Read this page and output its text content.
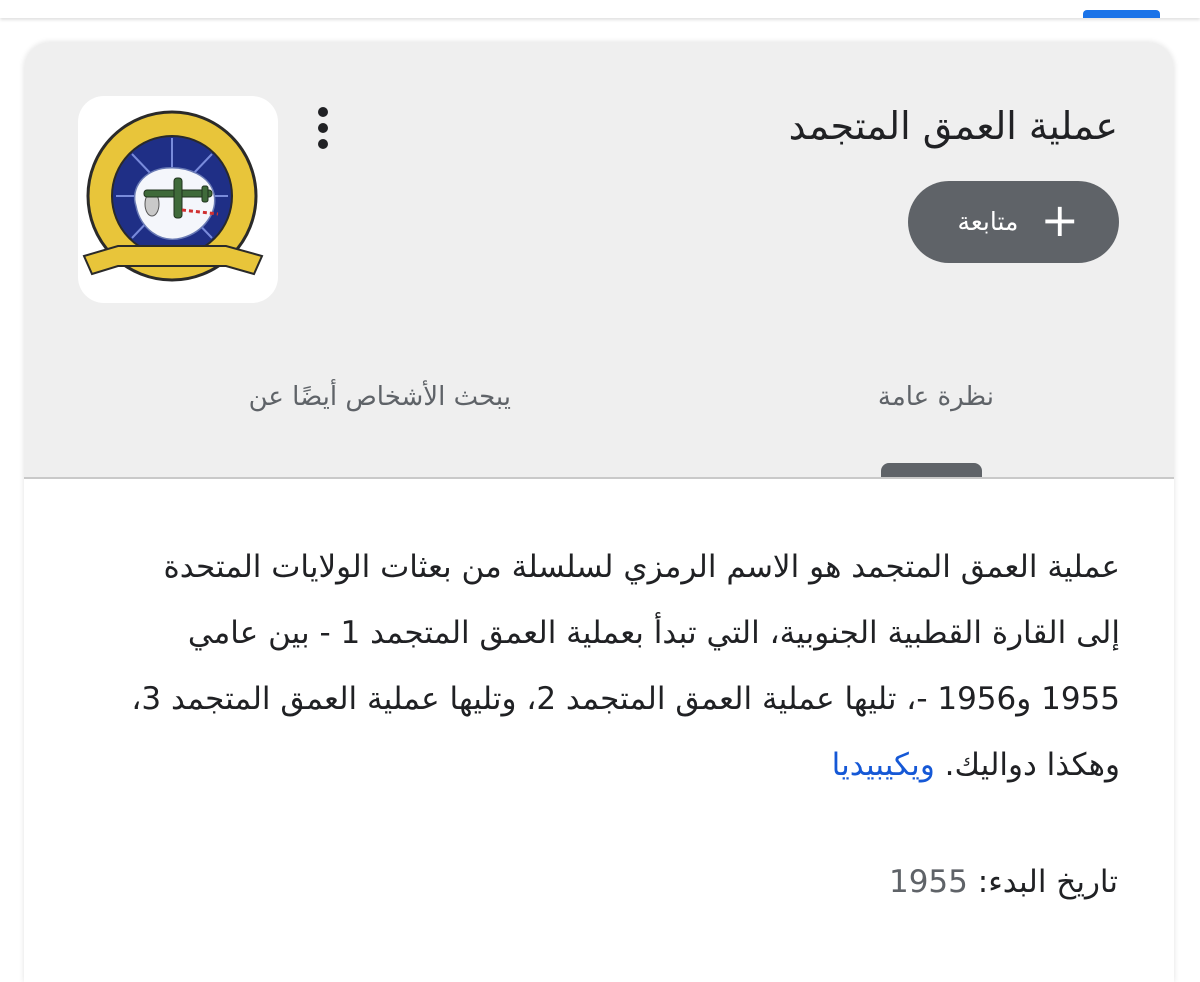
عملية العمق المتجمد
+
متابعة
نظرة عامة
يبحث الأشخاص أيضًا عن

عملية العمق المتجمد هو الاسم الرمزي لسلسلة من بعثات الولايات المتحدة إلى القارة القطبية الجنوبية، التي تبدأ بعملية العمق المتجمد 1 - بين عامي 1955 و1956 -، تليها عملية العمق المتجمد 2، وتليها عملية العمق المتجمد 3، وهكذا دواليك. ويكيبيديا

تاريخ البدء: 1955
